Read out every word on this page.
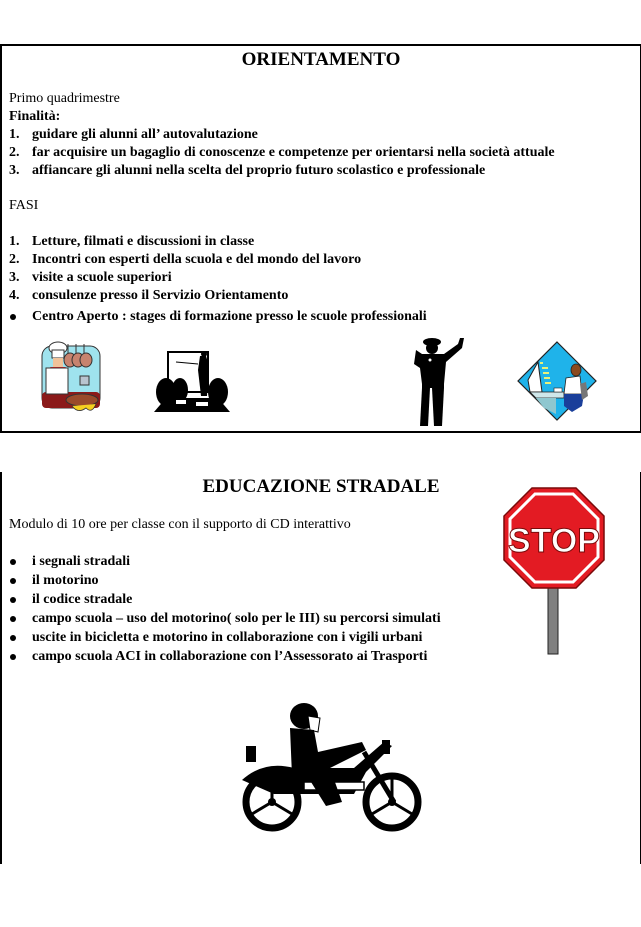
ORIENTAMENTO
Primo quadrimestre
Finalità:
1. guidare gli alunni all’ autovalutazione
2. far acquisire un bagaglio di conoscenze e competenze per orientarsi nella società attuale
3. affiancare gli alunni nella scelta del proprio futuro scolastico e professionale
FASI
1. Letture, filmati e discussioni in classe
2. Incontri con esperti della scuola e del mondo del lavoro
3. visite a scuole superiori
4. consulenze presso il Servizio Orientamento
Centro Aperto : stages di formazione presso le scuole professionali
EDUCAZIONE STRADALE
Modulo di 10 ore per classe con il supporto di CD interattivo
i segnali stradali
il motorino
il codice stradale
campo scuola – uso del motorino( solo per le III) su percorsi simulati
uscite in bicicletta e motorino in collaborazione con i vigili urbani
campo scuola ACI in collaborazione con l’Assessorato ai Trasporti
STOP
